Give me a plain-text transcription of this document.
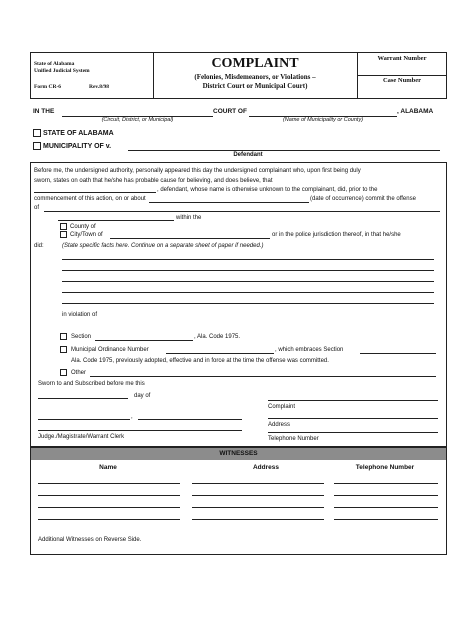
State of Alabama
Unified Judicial System
Form CR-6	Rev.8/98
COMPLAINT
(Felonies, Misdemeanors, or Violations –
District Court or Municipal Court)
Warrant Number
Case Number
IN THE	COURT OF	, ALABAMA
(Circuit, District, or Municipal)	(Name of Municipality or County)
STATE OF ALABAMA
MUNICIPALITY OF v.
Defendant
Before me, the undersigned authority, personally appeared this day the undersigned complainant who, upon first being duly
sworn, states on oath that he/she has probable cause for believing, and does believe, that
, defendant, whose name is otherwise unknown to the complainant, did, prior to the
commencement of this action, on or about	(date of occurrence) commit the offense
of
within the
County of
City/Town of	or in the police jurisdiction thereof, in that he/she
did:	(State specific facts here. Continue on a separate sheet of paper if needed.)
in violation of
Section	, Ala. Code 1975.
Municipal Ordinance Number	, which embraces Section
Ala. Code 1975, previously adopted, effective and in force at the time the offense was committed.
Other
Sworn to and Subscribed before me this
day of
,
Judge./Magistrate/Warrant Clerk
Complaint
Address
Telephone Number
WITNESSES
Name	Address	Telephone Number
Additional Witnesses on Reverse Side.
